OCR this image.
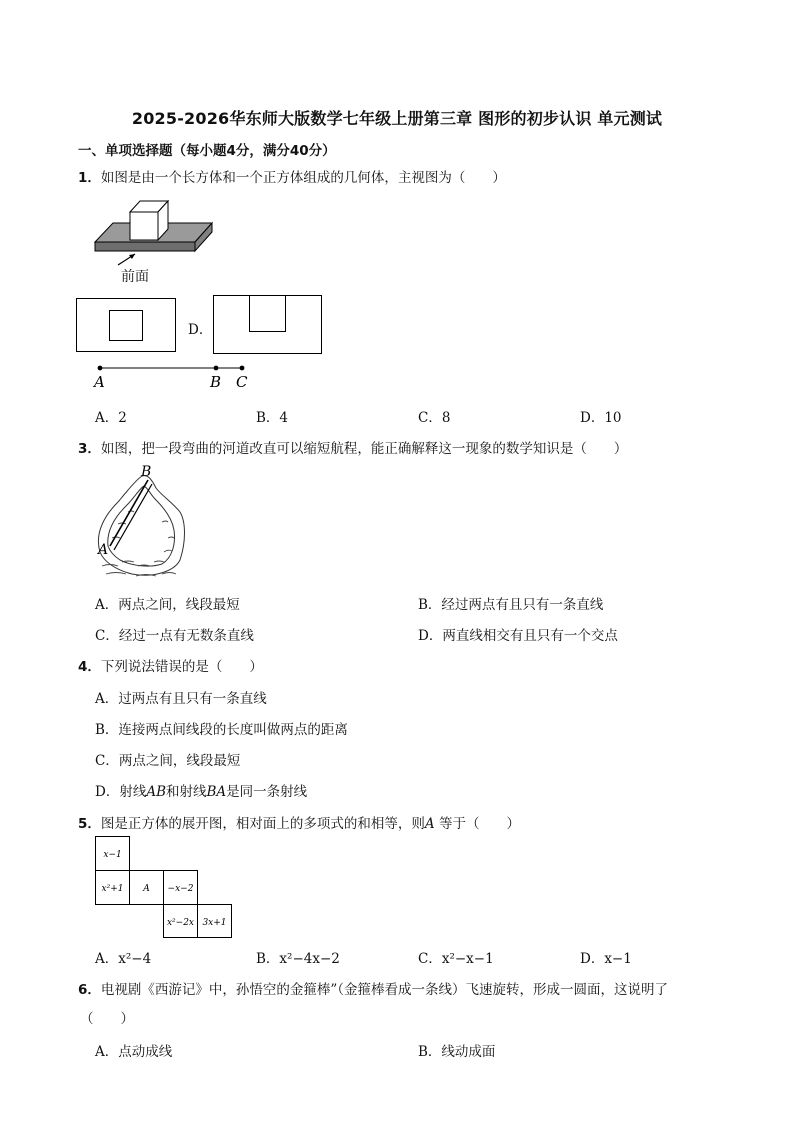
2025-2026华东师大版数学七年级上册第三章 图形的初步认识 单元测试
一、单项选择题（每小题4分，满分40分）
1．如图是由一个长方体和一个正方体组成的几何体，主视图为（　　）
前面
D．
A	B C
A．2	B．4	C．8	D．10
3．如图，把一段弯曲的河道改直可以缩短航程，能正确解释这一现象的数学知识是（　　）
B
A
A．两点之间，线段最短	B．经过两点有且只有一条直线
C．经过一点有无数条直线	D．两直线相交有且只有一个交点
4．下列说法错误的是（　　）
A．过两点有且只有一条直线
B．连接两点间线段的长度叫做两点的距离
C．两点之间，线段最短
D．射线AB和射线BA是同一条射线
5．图是正方体的展开图，相对面上的多项式的和相等，则A 等于（　　）
x−1
x²+1 A −x−2
x²−2x 3x+1
A．x²−4	B．x²−4x−2	C．x²−x−1	D．x−1
6．电视剧《西游记》中，孙悟空的金箍棒”（金箍棒看成一条线）飞速旋转，形成一圆面，这说明了
（　　）
A．点动成线	B．线动成面
